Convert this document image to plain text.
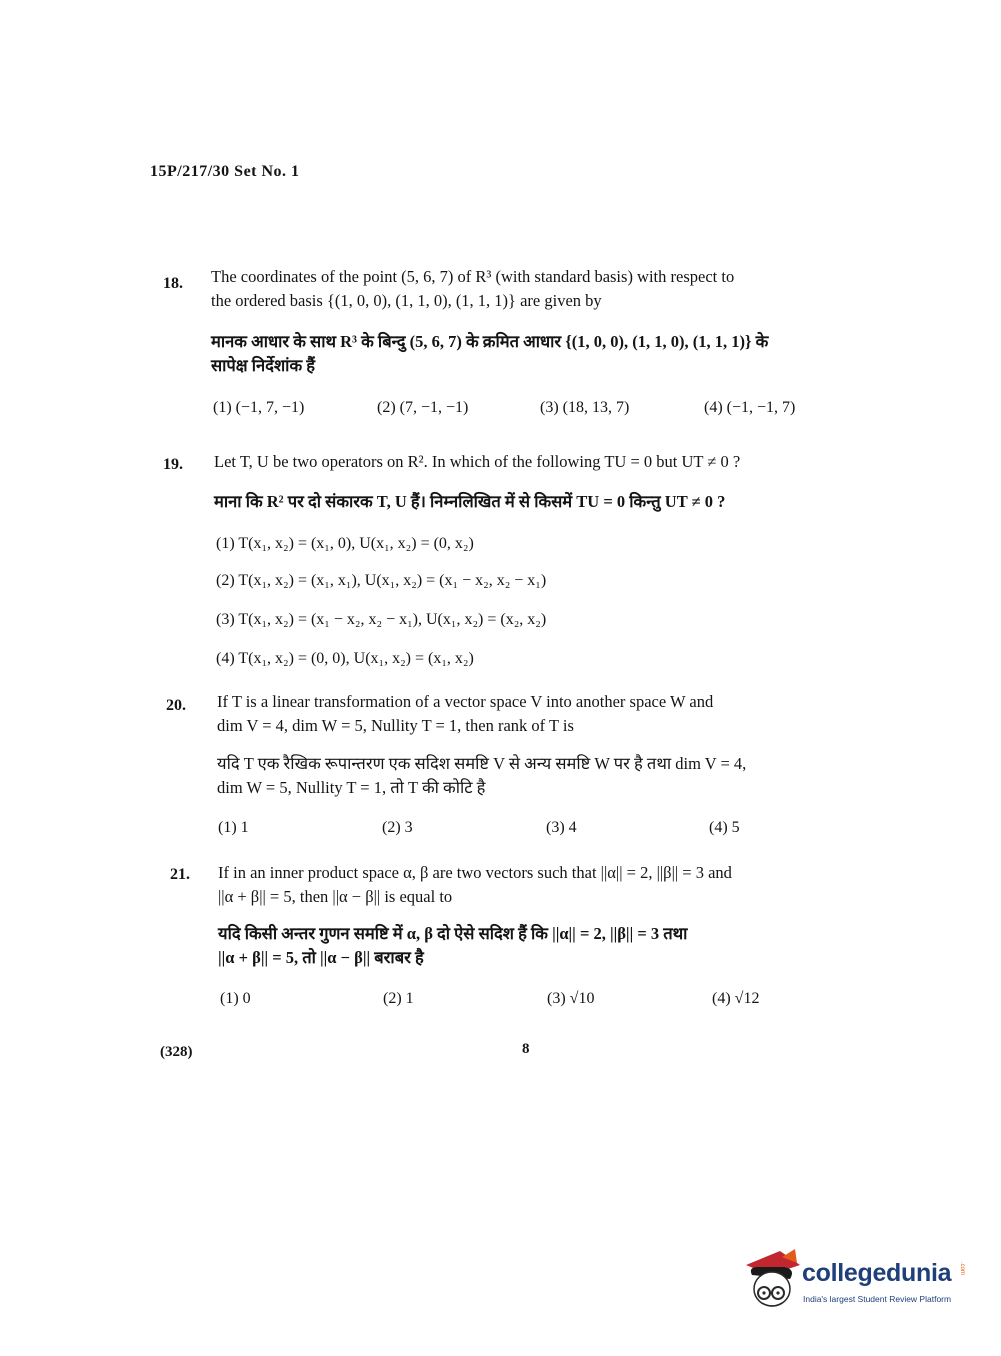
15P/217/30 Set No. 1
18. The coordinates of the point (5, 6, 7) of R³ (with standard basis) with respect to
the ordered basis {(1, 0, 0), (1, 1, 0), (1, 1, 1)} are given by
मानक आधार के साथ R³ के बिन्दु (5, 6, 7) के क्रमित आधार {(1, 0, 0), (1, 1, 0), (1, 1, 1)} के
सापेक्ष निर्देशांक हैं
(1) (−1, 7, −1)	(2) (7, −1, −1)	(3) (18, 13, 7)	(4) (−1, −1, 7)
19. Let T, U be two operators on R². In which of the following TU = 0 but UT ≠ 0 ?
माना कि R² पर दो संकारक T, U हैं। निम्नलिखित में से किसमें TU = 0 किन्तु UT ≠ 0 ?
(1) T(x₁, x₂) = (x₁, 0), U(x₁, x₂) = (0, x₂)
(2) T(x₁, x₂) = (x₁, x₁), U(x₁, x₂) = (x₁ − x₂, x₂ − x₁)
(3) T(x₁, x₂) = (x₁ − x₂, x₂ − x₁), U(x₁, x₂) = (x₂, x₂)
(4) T(x₁, x₂) = (0, 0), U(x₁, x₂) = (x₁, x₂)
20. If T is a linear transformation of a vector space V into another space W and
dim V = 4, dim W = 5, Nullity T = 1, then rank of T is
यदि T एक रैखिक रूपान्तरण एक सदिश समष्टि V से अन्य समष्टि W पर है तथा dim V = 4,
dim W = 5, Nullity T = 1, तो T की कोटि है
(1) 1	(2) 3	(3) 4	(4) 5
21. If in an inner product space α, β are two vectors such that ||α|| = 2, ||β|| = 3 and
||α + β|| = 5, then ||α − β|| is equal to
यदि किसी अन्तर गुणन समष्टि में α, β दो ऐसे सदिश हैं कि ||α|| = 2, ||β|| = 3 तथा
||α + β|| = 5, तो ||α − β|| बराबर है
(1) 0	(2) 1	(3) √10	(4) √12
(328)	8
collegedunia .com
India's largest Student Review Platform
